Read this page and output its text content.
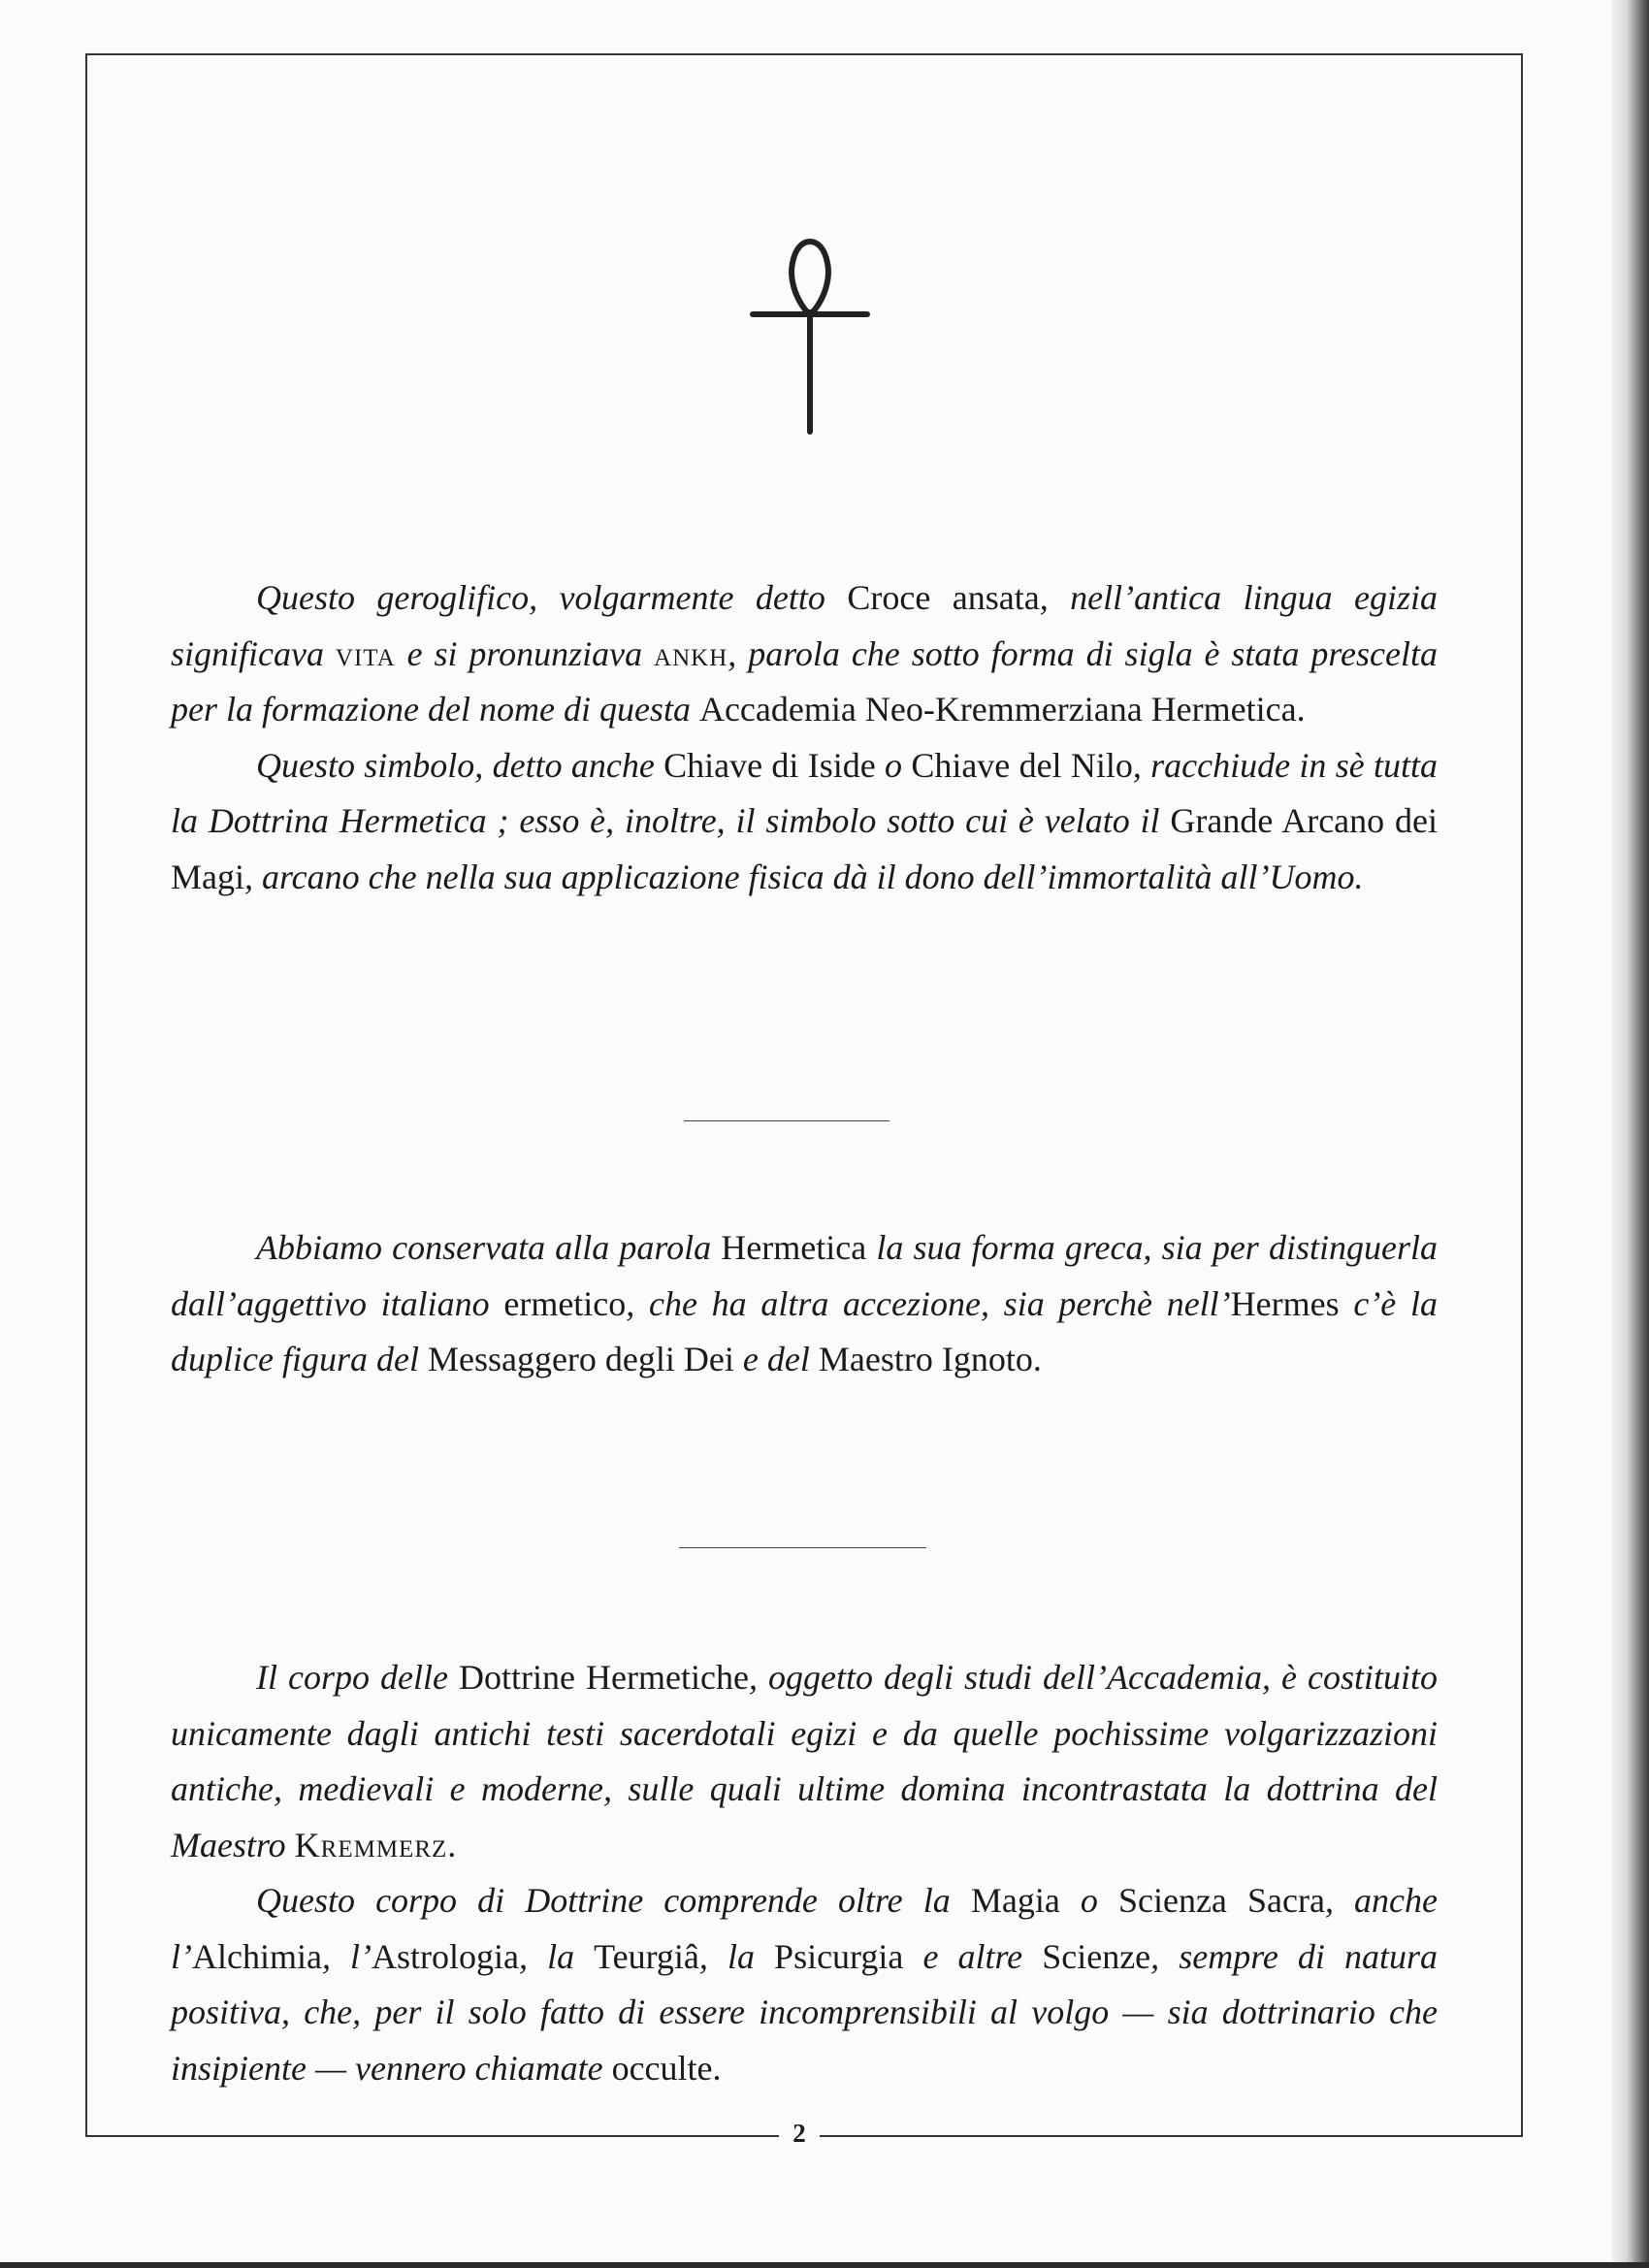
2

Questo geroglifico, volgarmente detto Croce ansata, nell’antica lingua egizia significava vita e si pronunziava ankh, parola che sotto forma di sigla è stata prescelta per la formazione del nome di questa Accademia Neo-Kremmerziana Hermetica.

Questo simbolo, detto anche Chiave di Iside o Chiave del Nilo, racchiude in sè tutta la Dottrina Hermetica ; esso è, inoltre, il simbolo sotto cui è velato il Grande Arcano dei Magi, arcano che nella sua applicazione fisica dà il dono dell’immortalità all’Uomo.

Abbiamo conservata alla parola Hermetica la sua forma greca, sia per distinguerla dall’aggettivo italiano ermetico, che ha altra accezione, sia perchè nell’Hermes c’è la duplice figura del Messaggero degli Dei e del Maestro Ignoto.

Il corpo delle Dottrine Hermetiche, oggetto degli studi dell’Accademia, è costituito unicamente dagli antichi testi sacerdotali egizi e da quelle pochissime volgarizzazioni antiche, medievali e moderne, sulle quali ultime domina incontrastata la dottrina del Maestro Kremmerz.

Questo corpo di Dottrine comprende oltre la Magia o Scienza Sacra, anche l’Alchimia, l’Astrologia, la Teurgiâ, la Psicurgia e altre Scienze, sempre di natura positiva, che, per il solo fatto di essere incomprensibili al volgo — sia dottrinario che insipiente — vennero chiamate occulte.
